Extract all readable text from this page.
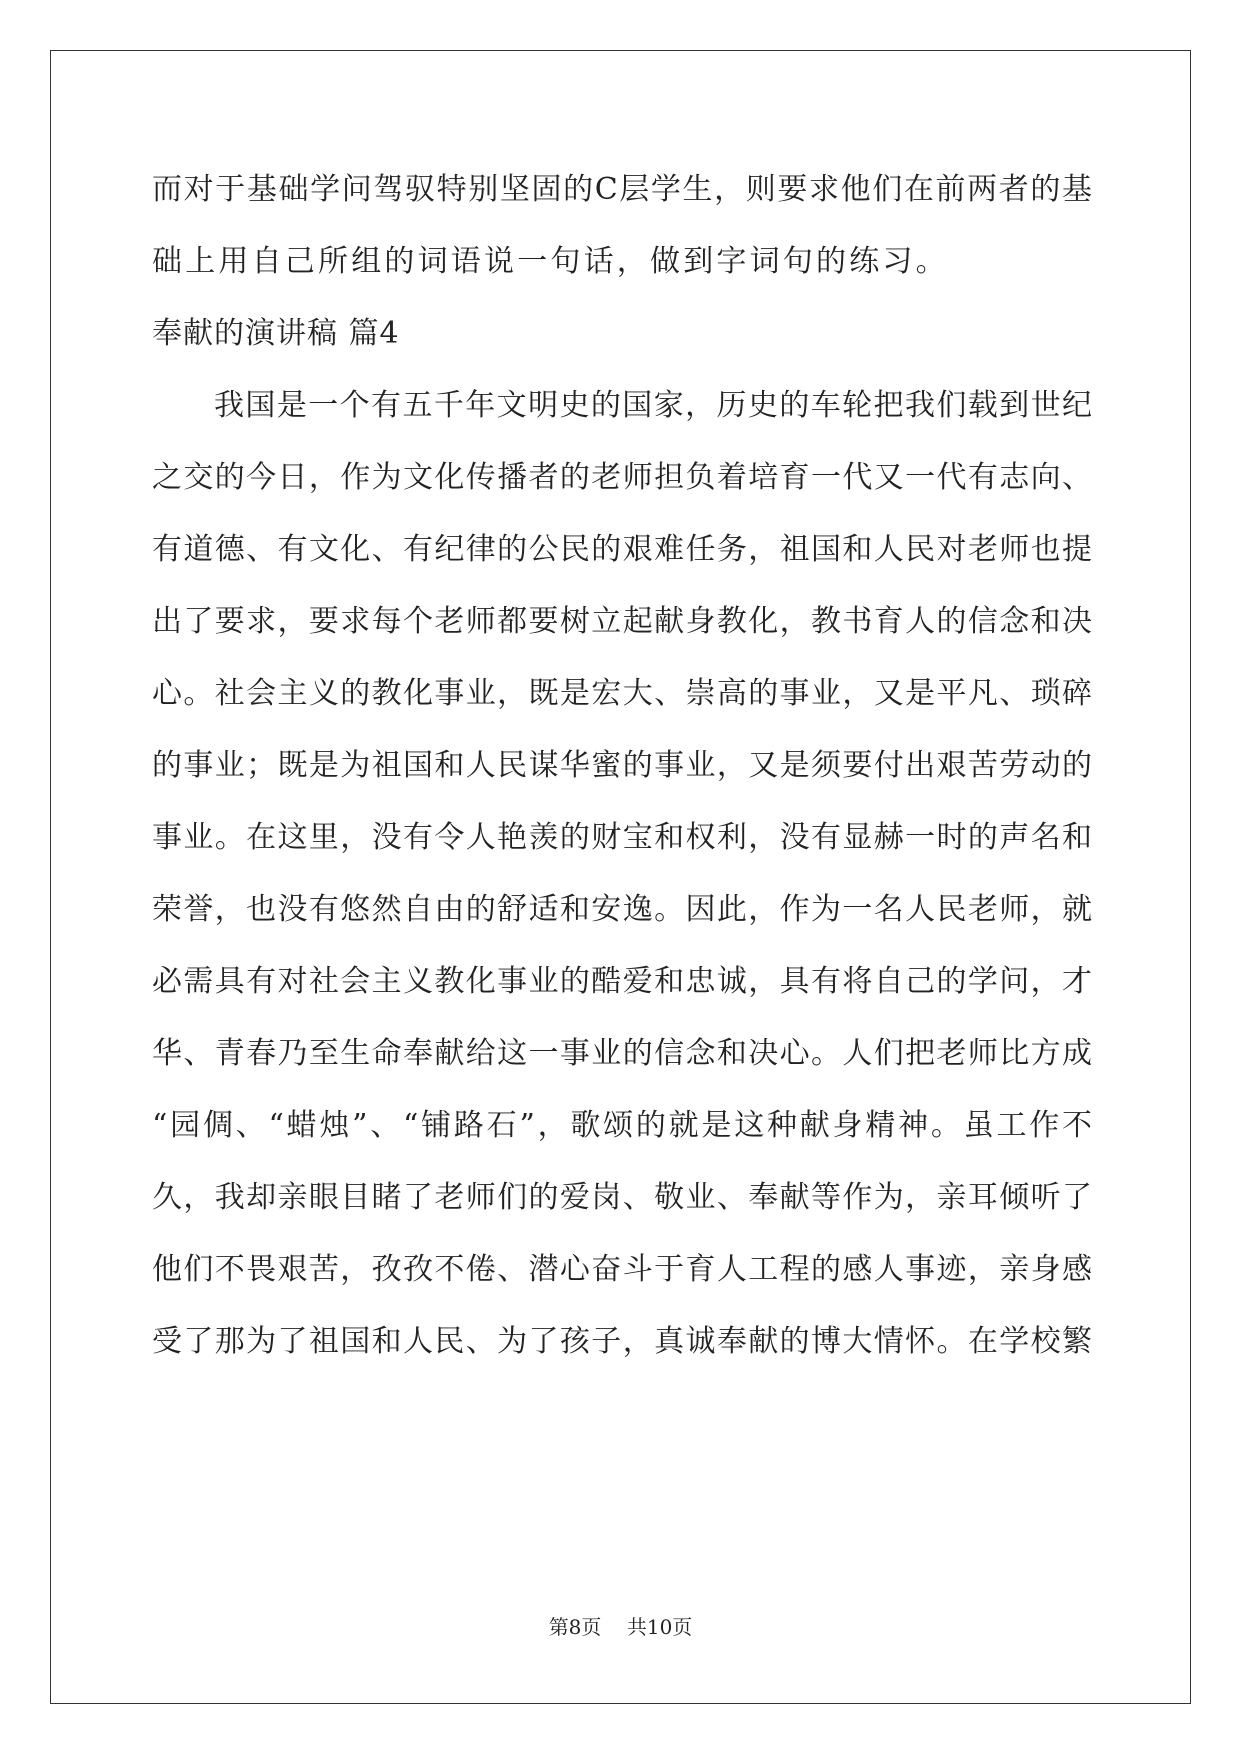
而对于基础学问驾驭特别坚固的C层学生，则要求他们在前两者的基
础上用自己所组的词语说一句话，做到字词句的练习。
奉献的演讲稿 篇4
我国是一个有五千年文明史的国家，历史的车轮把我们载到世纪
之交的今日，作为文化传播者的老师担负着培育一代又一代有志向、
有道德、有文化、有纪律的公民的艰难任务，祖国和人民对老师也提
出了要求，要求每个老师都要树立起献身教化，教书育人的信念和决
心。社会主义的教化事业，既是宏大、崇高的事业，又是平凡、琐碎
的事业；既是为祖国和人民谋华蜜的事业，又是须要付出艰苦劳动的
事业。在这里，没有令人艳羡的财宝和权利，没有显赫一时的声名和
荣誉，也没有悠然自由的舒适和安逸。因此，作为一名人民老师，就
必需具有对社会主义教化事业的酷爱和忠诚，具有将自己的学问，才
华、青春乃至生命奉献给这一事业的信念和决心。人们把老师比方成
“园倜、“蜡烛”、“铺路石”，歌颂的就是这种献身精神。虽工作不
久，我却亲眼目睹了老师们的爱岗、敬业、奉献等作为，亲耳倾听了
他们不畏艰苦，孜孜不倦、潜心奋斗于育人工程的感人事迹，亲身感
受了那为了祖国和人民、为了孩子，真诚奉献的博大情怀。在学校繁
第8页    共10页
